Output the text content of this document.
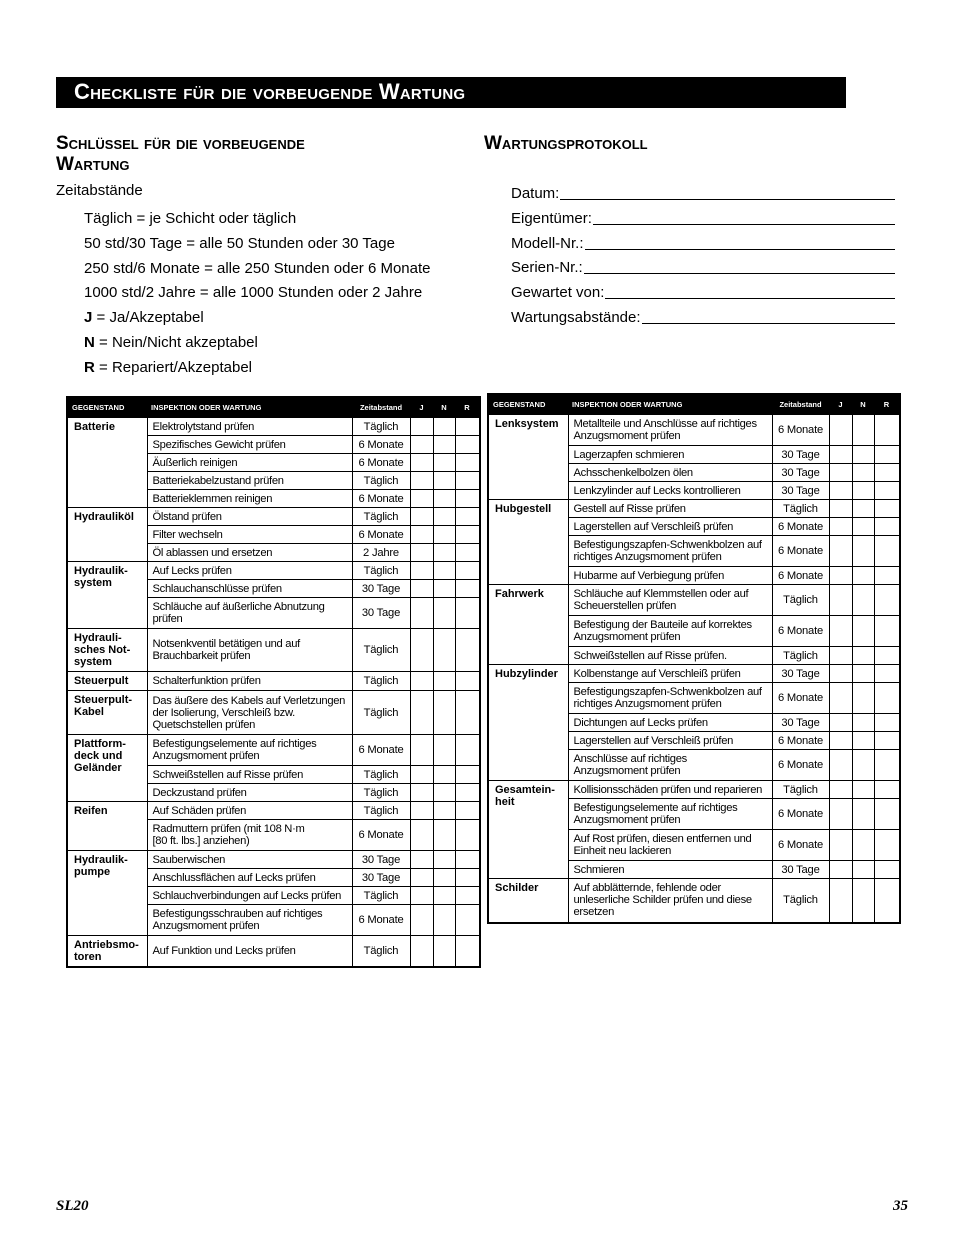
Checkliste für die vorbeugende Wartung
Schlüssel für die vorbeugende
Wartung
Wartungsprotokoll
Zeitabstände
Täglich = je Schicht oder täglich
50 std/30 Tage = alle 50 Stunden oder 30 Tage
250 std/6 Monate = alle 250 Stunden oder 6 Monate
1000 std/2 Jahre = alle 1000 Stunden oder 2 Jahre
J = Ja/Akzeptabel
N = Nein/Nicht akzeptabel
R = Repariert/Akzeptabel
Datum:
Eigentümer:
Modell-Nr.:
Serien-Nr.:
Gewartet von:
Wartungsabstände:
GEGENSTAND	INSPEKTION ODER WARTUNG	Zeitabstand	J	N	R
Batterie	Elektrolytstand prüfen	Täglich			
	Spezifisches Gewicht prüfen	6 Monate			
	Äußerlich reinigen	6 Monate			
	Batteriekabelzustand prüfen	Täglich			
	Batterieklemmen reinigen	6 Monate			
Hydrauliköl	Ölstand prüfen	Täglich			
	Filter wechseln	6 Monate			
	Öl ablassen und ersetzen	2 Jahre			
Hydraulik-
system	Auf Lecks prüfen	Täglich			
	Schlauchanschlüsse prüfen	30 Tage			
	Schläuche auf äußerliche Abnutzung
prüfen	30 Tage			
Hydrauli-
sches Not-
system	Notsenkventil betätigen und auf
Brauchbarkeit prüfen	Täglich			
Steuerpult	Schalterfunktion prüfen	Täglich			
Steuerpult-
Kabel	Das äußere des Kabels auf Verletzungen
der Isolierung, Verschleiß bzw.
Quetschstellen prüfen	Täglich			
Plattform-
deck und
Geländer	Befestigungselemente auf richtiges
Anzugsmoment prüfen	6 Monate			
	Schweißstellen auf Risse prüfen	Täglich			
	Deckzustand prüfen	Täglich			
Reifen	Auf Schäden prüfen	Täglich			
	Radmuttern prüfen (mit 108 N·m
[80 ft. lbs.] anziehen)	6 Monate			
Hydraulik-
pumpe	Sauberwischen	30 Tage			
	Anschlussflächen auf Lecks prüfen	30 Tage			
	Schlauchverbindungen auf Lecks prüfen	Täglich			
	Befestigungsschrauben auf richtiges
Anzugsmoment prüfen	6 Monate			
Antriebsmo-
toren	Auf Funktion und Lecks prüfen	Täglich			
GEGENSTAND	INSPEKTION ODER WARTUNG	Zeitabstand	J	N	R
Lenksystem	Metallteile und Anschlüsse auf richtiges
Anzugsmoment prüfen	6 Monate			
	Lagerzapfen schmieren	30 Tage			
	Achsschenkelbolzen ölen	30 Tage			
	Lenkzylinder auf Lecks kontrollieren	30 Tage			
Hubgestell	Gestell auf Risse prüfen	Täglich			
	Lagerstellen auf Verschleiß prüfen	6 Monate			
	Befestigungszapfen-Schwenkbolzen auf
richtiges Anzugsmoment prüfen	6 Monate			
	Hubarme auf Verbiegung prüfen	6 Monate			
Fahrwerk	Schläuche auf Klemmstellen oder auf
Scheuerstellen prüfen	Täglich			
	Befestigung der Bauteile auf korrektes
Anzugsmoment prüfen	6 Monate			
	Schweißstellen auf Risse prüfen.	Täglich			
Hubzylinder	Kolbenstange auf Verschleiß prüfen	30 Tage			
	Befestigungszapfen-Schwenkbolzen auf
richtiges Anzugsmoment prüfen	6 Monate			
	Dichtungen auf Lecks prüfen	30 Tage			
	Lagerstellen auf Verschleiß prüfen	6 Monate			
	Anschlüsse auf richtiges
Anzugsmoment prüfen	6 Monate			
Gesamtein-
heit	Kollisionsschäden prüfen und reparieren	Täglich			
	Befestigungselemente auf richtiges
Anzugsmoment prüfen	6 Monate			
	Auf Rost prüfen, diesen entfernen und
Einheit neu lackieren	6 Monate			
	Schmieren	30 Tage			
Schilder	Auf abblätternde, fehlende oder
unleserliche Schilder prüfen und diese
ersetzen	Täglich			
SL20	35
